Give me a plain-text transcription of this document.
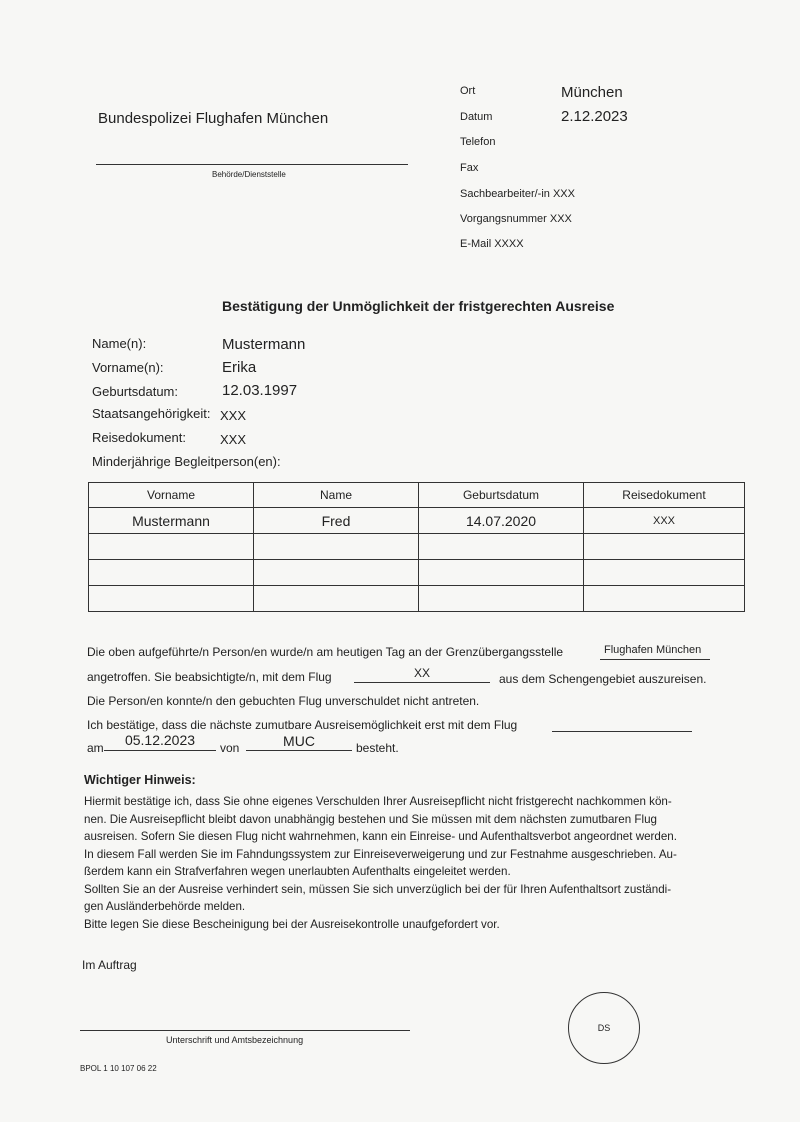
Bundespolizei Flughafen München
Behörde/Dienststelle
Ort	München
Datum	2.12.2023
Telefon
Fax
Sachbearbeiter/-in XXX
Vorgangsnummer XXX
E-Mail XXXX
Bestätigung der Unmöglichkeit der fristgerechten Ausreise
Name(n):	Mustermann
Vorname(n):	Erika
Geburtsdatum:	12.03.1997
Staatsangehörigkeit: XXX
Reisedokument:	XXX
Minderjährige Begleitperson(en):
Vorname	Name	Geburtsdatum	Reisedokument
Mustermann	Fred	14.07.2020	XXX

Die oben aufgeführte/n Person/en wurde/n am heutigen Tag an der Grenzübergangsstelle	Flughafen München
angetroffen. Sie beabsichtigte/n, mit dem Flug	XX	aus dem Schengengebiet auszureisen.
Die Person/en konnte/n den gebuchten Flug unverschuldet nicht antreten.
Ich bestätige, dass die nächste zumutbare Ausreisemöglichkeit erst mit dem Flug
am	05.12.2023	von	MUC	besteht.
Wichtiger Hinweis:
Hiermit bestätige ich, dass Sie ohne eigenes Verschulden Ihrer Ausreisepflicht nicht fristgerecht nachkommen kön-
nen. Die Ausreisepflicht bleibt davon unabhängig bestehen und Sie müssen mit dem nächsten zumutbaren Flug
ausreisen. Sofern Sie diesen Flug nicht wahrnehmen, kann ein Einreise- und Aufenthaltsverbot angeordnet werden.
In diesem Fall werden Sie im Fahndungssystem zur Einreiseverweigerung und zur Festnahme ausgeschrieben. Au-
ßerdem kann ein Strafverfahren wegen unerlaubten Aufenthalts eingeleitet werden.
Sollten Sie an der Ausreise verhindert sein, müssen Sie sich unverzüglich bei der für Ihren Aufenthaltsort zuständi-
gen Ausländerbehörde melden.
Bitte legen Sie diese Bescheinigung bei der Ausreisekontrolle unaufgefordert vor.
Im Auftrag
Unterschrift und Amtsbezeichnung
DS
BPOL 1 10 107 06 22
